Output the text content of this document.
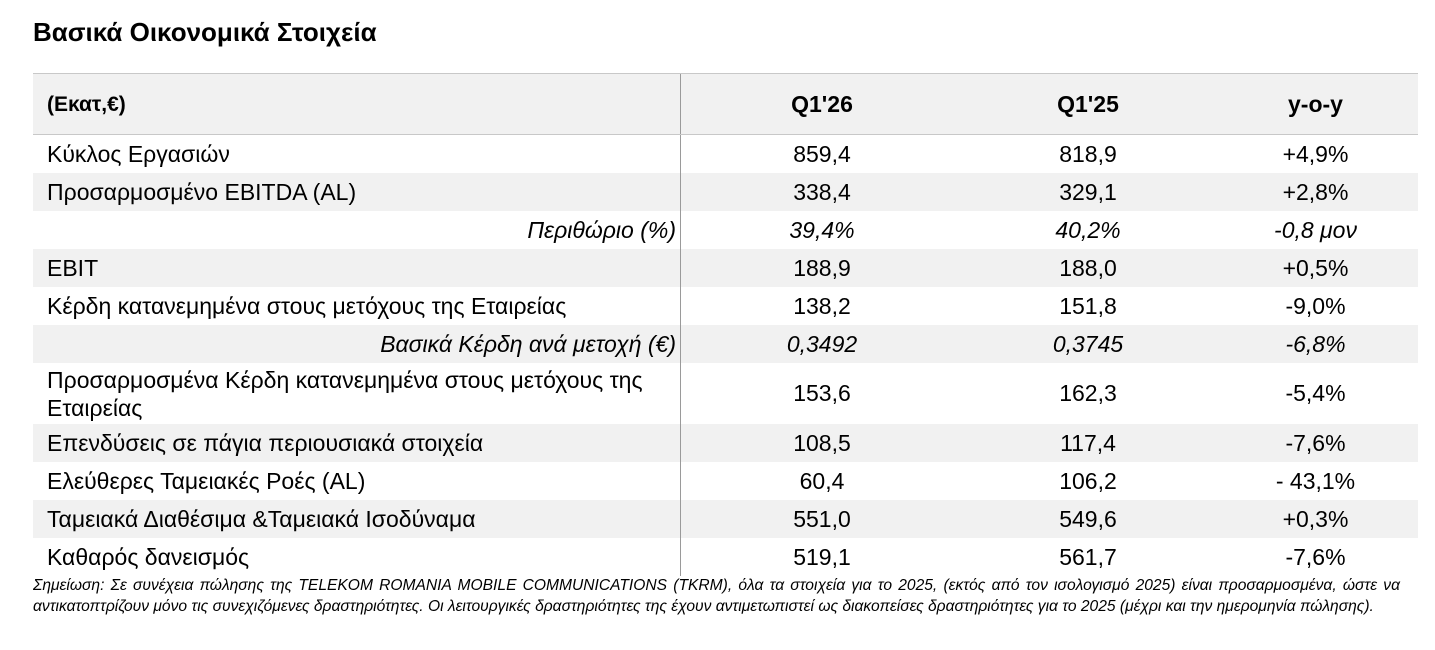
Βασικά Οικονομικά Στοιχεία
(Εκατ,€)	Q1'26	Q1'25	y-o-y
Κύκλος Εργασιών	859,4	818,9	+4,9%
Προσαρμοσμένο EBITDA (AL)	338,4	329,1	+2,8%
Περιθώριο (%)	39,4%	40,2%	-0,8 μον
EBIT	188,9	188,0	+0,5%
Κέρδη κατανεμημένα στους μετόχους της Εταιρείας	138,2	151,8	-9,0%
Βασικά Κέρδη ανά μετοχή (€)	0,3492	0,3745	-6,8%
Προσαρμοσμένα Κέρδη κατανεμημένα στους μετόχους της Εταιρείας
153,6	162,3	-5,4%
Επενδύσεις σε πάγια περιουσιακά στοιχεία	108,5	117,4	-7,6%
Ελεύθερες Ταμειακές Ροές (AL)	60,4	106,2	- 43,1%
Ταμειακά Διαθέσιμα &Ταμειακά Ισοδύναμα	551,0	549,6	+0,3%
Καθαρός δανεισμός	519,1	561,7	-7,6%
Σημείωση: Σε συνέχεια πώλησης της TELEKOM ROMANIA MOBILE COMMUNICATIONS (TKRM), όλα τα στοιχεία για το 2025, (εκτός από τον ισολογισμό 2025) είναι προσαρμοσμένα, ώστε να αντικατοπτρίζουν μόνο τις συνεχιζόμενες δραστηριότητες. Οι λειτουργικές δραστηριότητες της έχουν αντιμετωπιστεί ως διακοπείσες δραστηριότητες για το 2025 (μέχρι και την ημερομηνία πώλησης).
